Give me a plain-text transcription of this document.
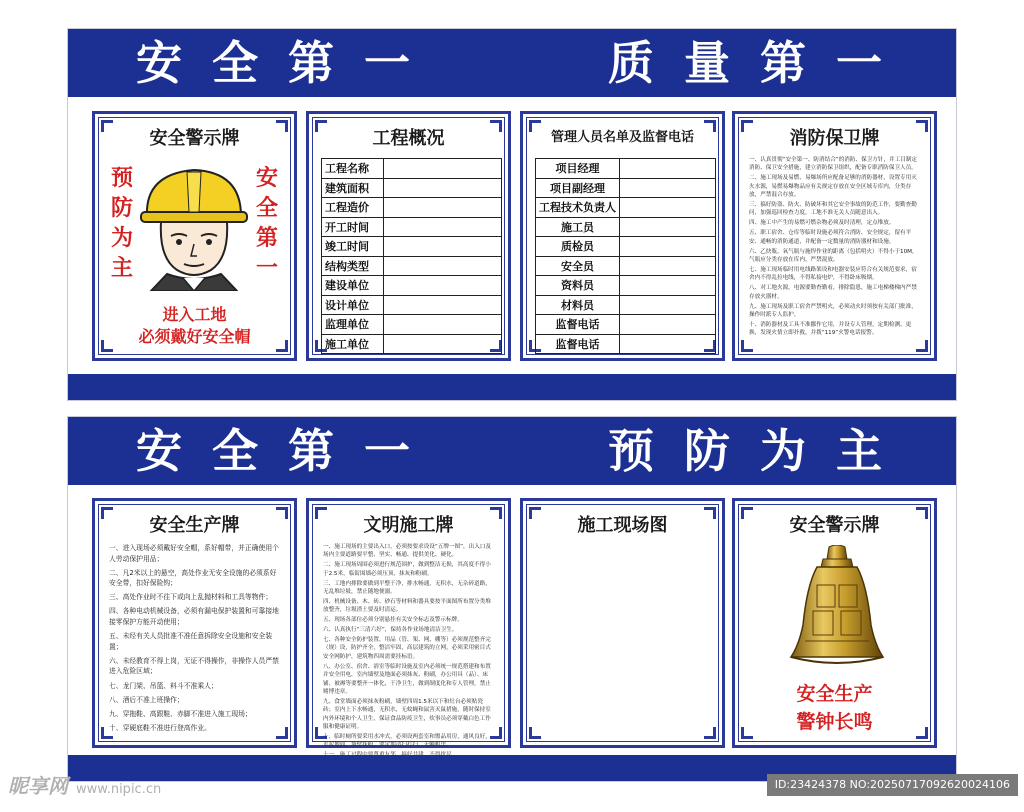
安全第一	质量第一
安全警示牌
预防为主
安全第一
进入工地
必须戴好安全帽
工程概况
工程名称	
建筑面积	
工程造价	
开工时间	
竣工时间	
结构类型	
建设单位	
设计单位	
监理单位	
施工单位	
管理人员名单及监督电话
项目经理	
项目副经理	
工程技术负责人	
施工员	
质检员	
安全员	
资料员	
材料员	
监督电话	
监督电话	
消防保卫牌

一、认真贯彻“安全第一、防消结合”的消防、保卫方针，并工目制定消防、保卫安全措施，建立消防保卫组织，配备专职消防保卫人员。

二、施工现场及易燃、易爆场所应配备足够的消防器材，设置专用灭火水源，易燃易爆物品应有关规定存放在安全区域专库内，分类存放，严禁混合存放。

三、搞好防盗、防火、防破坏和其它安全事故的防范工作，要勤查勤问，加强巡回检查力度，工地不准无关人员随意出入。

四、施工中产生的易燃可燃杂物必须及时清理，定点堆放。

五、职工宿舍、仓库等临时设施必须符合消防、安全规定，留有平安、通畅的消防通道，并配备一定数量的消防器材和设施。

六、乙炔瓶、氧气瓶与施焊作业的距离（包括明火）不得小于10M，气瓶应分类存放在库内，严禁混放。

七、施工现场临时用电线路架设和电器安装应符合有关规范要求，宿舍内不得乱拉电线，不得私接电炉，不得卧床吸烟。

八、对工地火源，电源要勤查勤看，排除隐患，施工电梯楼梯内严禁存放火器材。

九、施工现场及职工宿舍严禁明火，必须动火时须按有关部门批准，操作时派专人监护。

十、消防器材及工具不准挪作它用，并设专人管理，定期检测、更换，发现火情立即扑救，并拨“119”火警电话报警。

安全第一	预防为主
安全生产牌

一、进入现场必须戴好安全帽，系好帽带，并正确使用个人劳动保护用品；

二、凡2米以上的悬空，高处作业无安全设施的必须系好安全带，扣好保险钩；

三、高处作业时不往下或向上乱抛材料和工具等物件；

四、各种电动机械设备，必须有漏电保护装置和可靠接地接零保护方能开动使用；

五、未经有关人员批准不准任意拆除安全设施和安全装置；

六、未经教育不得上岗，无证不得操作，非操作人员严禁进入危险区域；

七、龙门架、吊篮、料斗不准乘人；

八、酒后不准上班操作；

九、穿拖鞋、高跟鞋、赤脚不准进入施工现场；

十、穿硬底鞋不准进行登高作业。

文明施工牌

一、施工现场的主要出入口，必须按要求设设“五牌一图”，出入口及场内主要道路要平整、坚实、畅通、提供美化、硬化。

二、施工现场周围必须进行规范围护，做到整洁无损，其高度不得小于2.5米，临街围墙必须压顶，抹灰和粉刷。

三、工地内排除要做到平整干净，排水畅通，无积水，无杂碎道路，无乱堆垃圾，禁止随地便溺。

四、机械设备、木、砖、砂石等材料和器具要按平面图所布置分类堆放整齐，垃圾渣土要及时清运。

五、现场各部位必须分别悬挂有关安全标志及警示标牌。

六、认真执行“三清六好”，保持各作业场地清洁卫生。

七、各种安全防护装置，用品（管、架、网、棚等）必须规范整齐完（规）设，防护齐全，整洁牢固，高层建筑的立网，必须采用密目式安全网防护，建筑物四周需要挂标语。

八、办公室、宿舍、浴室等临时设施及室内必须统一规范搭建和布置并安全用电，室内墙壁及地面必须抹灰、粉刷，办公用具（品）、床铺、被褥等要整齐一体化，干净卫生，做到制度化和专人管理，禁止赌博违章。

九、食堂墙面必须抹灰粉刷，墙壁四周1.5米以下和灶台必须贴瓷砖；室内上下水畅通，无积水，无蚊蝇和鼠害灭鼠措施，随时保持室内外环境和个人卫生，保证食品防疫卫生，炊事员必须穿戴白色工作服和健康证明。

十、临时厕所要采用水冲式，必须设两套室和盥品用房，通风良好，水泥地面，墙壁抹粉，要定期清扫打扫，无蝇蛆虫。

施工现场图	安全警示牌
安全生产
警钟长鸣
昵享网 www.nipic.cn	ID:23424378 NO:20250717092620024106
